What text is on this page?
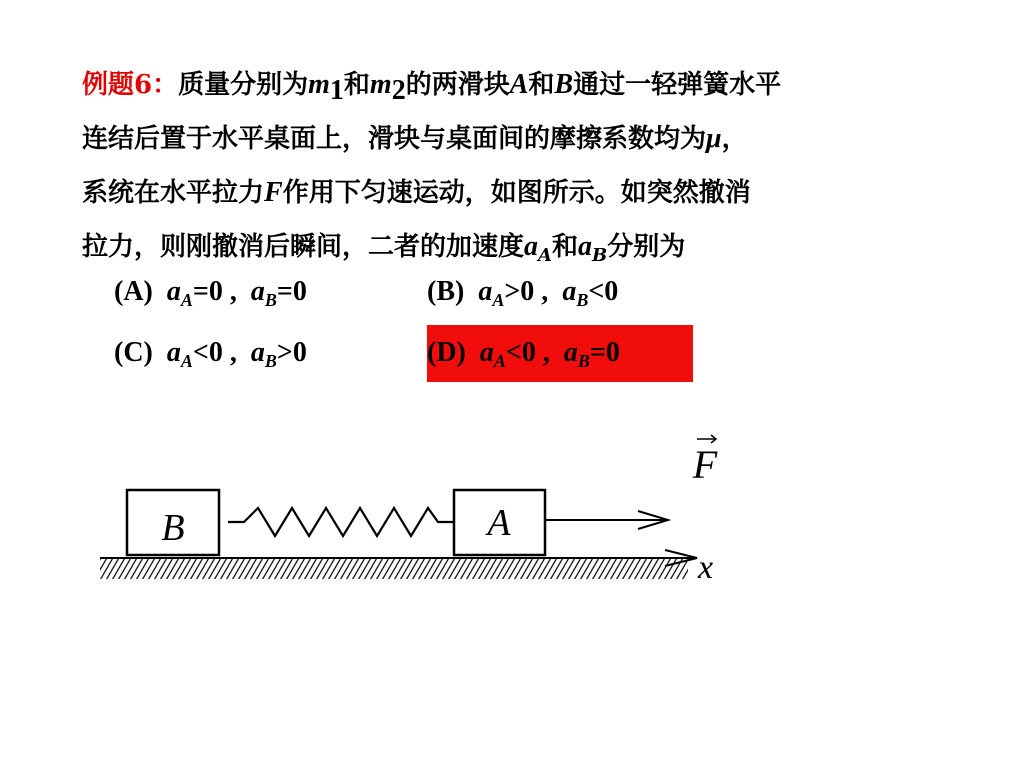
例题6：质量分别为$m_1$和$m_2$的两滑块A和B通过一轻弹簧水平
连结后置于水平桌面上，滑块与桌面间的摩擦系数均为μ，
系统在水平拉力F作用下匀速运动，如图所示。如突然撤消
拉力，则刚撤消后瞬间，二者的加速度$a_A$和$a_B$分别为
(A) $a_A=0$ , $a_B=0$	(B) $a_A>0$ , $a_B<0$
(C) $a_A<0$ , $a_B>0$	(D) $a_A<0$ , $a_B=0$
x
B	A
F
